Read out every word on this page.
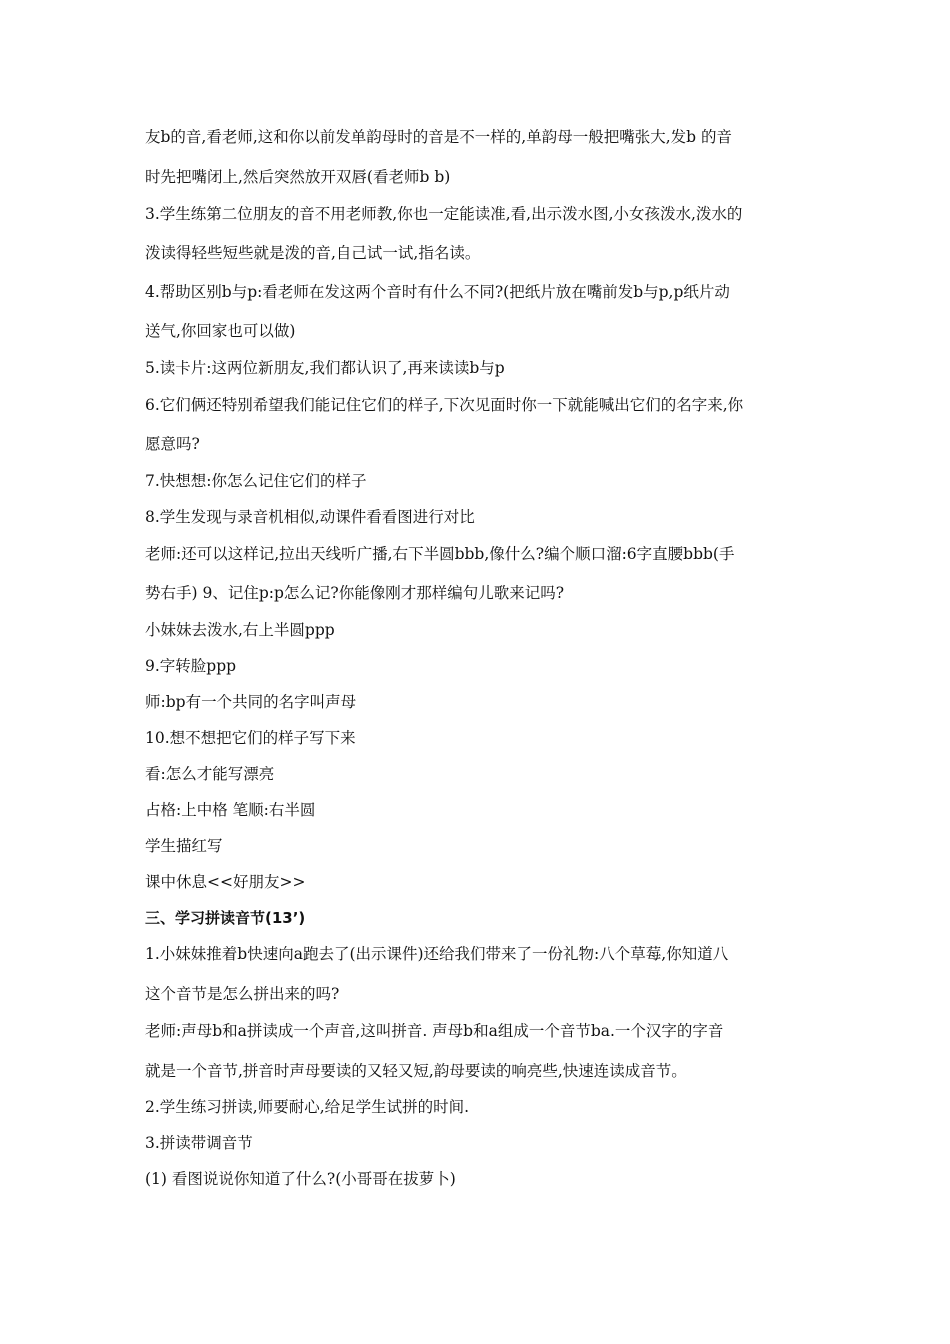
友b的音,看老师,这和你以前发单韵母时的音是不一样的,单韵母一般把嘴张大,发b 的音
时先把嘴闭上,然后突然放开双唇(看老师b b)
3.学生练第二位朋友的音不用老师教,你也一定能读准,看,出示泼水图,小女孩泼水,泼水的
泼读得轻些短些就是泼的音,自己试一试,指名读。
4.帮助区别b与p:看老师在发这两个音时有什么不同?(把纸片放在嘴前发b与p,p纸片动
送气,你回家也可以做)
5.读卡片:这两位新朋友,我们都认识了,再来读读b与p
6.它们俩还特别希望我们能记住它们的样子,下次见面时你一下就能喊出它们的名字来,你
愿意吗?
7.快想想:你怎么记住它们的样子
8.学生发现与录音机相似,动课件看看图进行对比
老师:还可以这样记,拉出天线听广播,右下半圆bbb,像什么?编个顺口溜:6字直腰bbb(手
势右手) 9、记住p:p怎么记?你能像刚才那样编句儿歌来记吗?
小妹妹去泼水,右上半圆ppp
9.字转脸ppp
师:bp有一个共同的名字叫声母
10.想不想把它们的样子写下来
看:怎么才能写漂亮
占格:上中格 笔顺:右半圆
学生描红写
课中休息<<好朋友>>
三、学习拼读音节(13’)
1.小妹妹推着b快速向a跑去了(出示课件)还给我们带来了一份礼物:八个草莓,你知道八
这个音节是怎么拼出来的吗?
老师:声母b和a拼读成一个声音,这叫拼音. 声母b和a组成一个音节ba.一个汉字的字音
就是一个音节,拼音时声母要读的又轻又短,韵母要读的响亮些,快速连读成音节。
2.学生练习拼读,师要耐心,给足学生试拼的时间.
3.拼读带调音节
(1) 看图说说你知道了什么?(小哥哥在拔萝卜)
